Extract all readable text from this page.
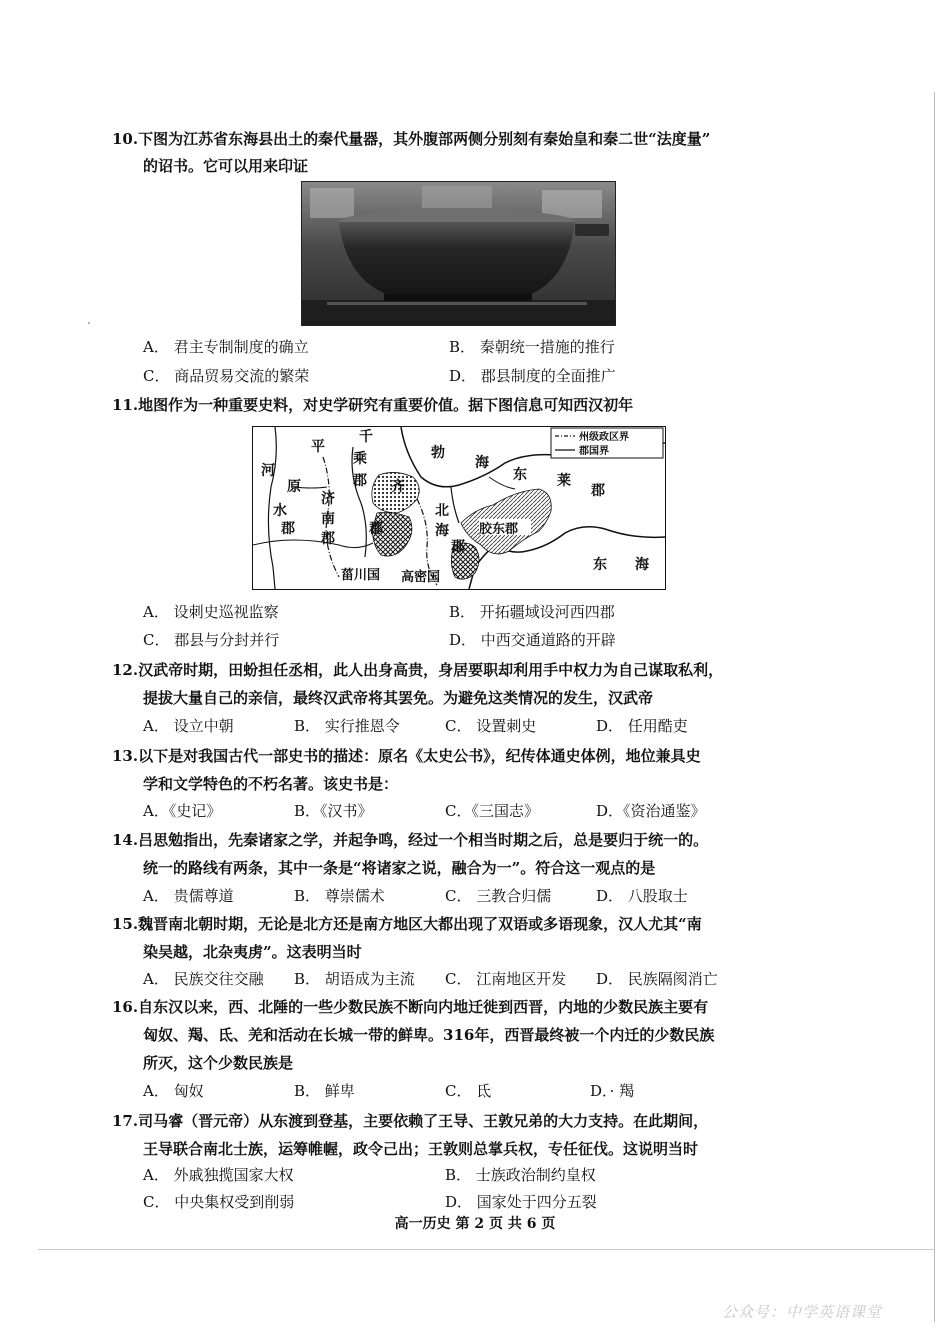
10.下图为江苏省东海县出土的秦代量器，其外腹部两侧分别刻有秦始皇和秦二世“法度量”
的诏书。它可以用来印证
A． 君主专制制度的确立	B． 秦朝统一措施的推行
C． 商品贸易交流的繁荣	D． 郡县制度的全面推广
11.地图作为一种重要史料，对史学研究有重要价值。据下图信息可知西汉初年
州级政区界
郡国界
河
平
原
水
郡
济
南
郡
千
乘
郡 齐
郡
北
海
郡
勃
海
东 莱
郡
胶东郡
菑川国 高密国
东 海
A． 设刺史巡视监察	B． 开拓疆域设河西四郡
C． 郡县与分封并行	D． 中西交通道路的开辟
12.汉武帝时期，田蚡担任丞相，此人出身高贵，身居要职却利用手中权力为自己谋取私利，
提拔大量自己的亲信，最终汉武帝将其罢免。为避免这类情况的发生，汉武帝
A． 设立中朝	B． 实行推恩令	C． 设置刺史	D． 任用酷吏
13.以下是对我国古代一部史书的描述：原名《太史公书》，纪传体通史体例，地位兼具史
学和文学特色的不朽名著。该史书是：
A．《史记》	B．《汉书》	C．《三国志》	D．《资治通鉴》
14.吕思勉指出，先秦诸家之学，并起争鸣，经过一个相当时期之后，总是要归于统一的。
统一的路线有两条，其中一条是“将诸家之说，融合为一”。符合这一观点的是
A． 贵儒尊道	B． 尊崇儒术	C． 三教合归儒	D． 八股取士
15.魏晋南北朝时期，无论是北方还是南方地区大都出现了双语或多语现象，汉人尤其“南
染吴越，北杂夷虏”。这表明当时
A． 民族交往交融 B． 胡语成为主流 C． 江南地区开发 D． 民族隔阂消亡
16.自东汉以来，西、北陲的一些少数民族不断向内地迁徙到西晋，内地的少数民族主要有
匈奴、羯、氐、羌和活动在长城一带的鲜卑。316年，西晋最终被一个内迁的少数民族
所灭，这个少数民族是
A． 匈奴	B． 鲜卑	C． 氐	D．· 羯
17.司马睿（晋元帝）从东渡到登基，主要依赖了王导、王敦兄弟的大力支持。在此期间，
王导联合南北士族，运筹帷幄，政令己出；王敦则总掌兵权，专任征伐。这说明当时
A． 外戚独揽国家大权	B． 士族政治制约皇权
C． 中央集权受到削弱	D． 国家处于四分五裂
高一历史 第 2 页 共 6 页
公众号：中学英语课堂
